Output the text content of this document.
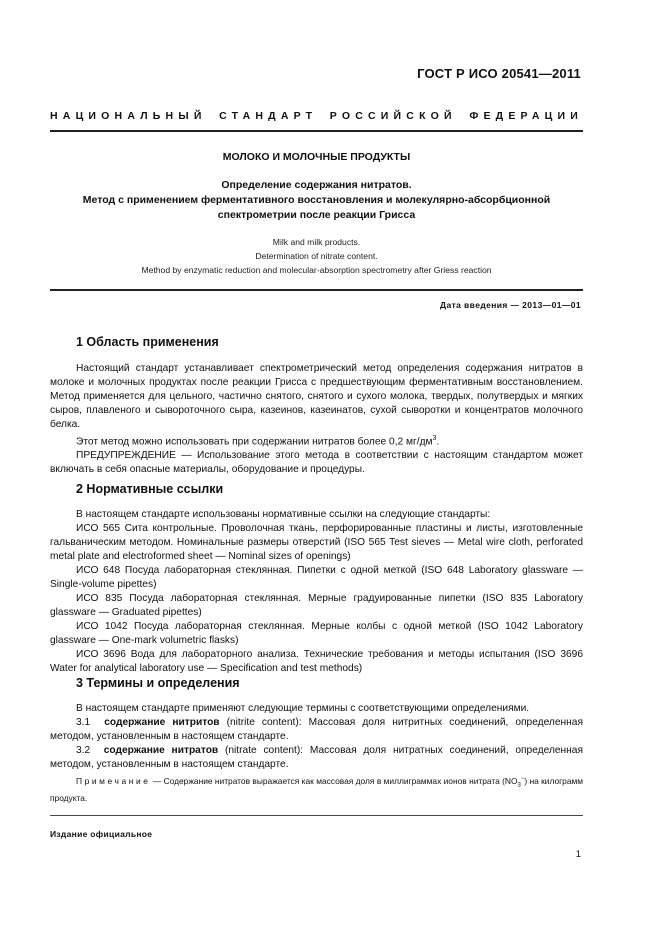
ГОСТ Р ИСО 20541—2011
НАЦИОНАЛЬНЫЙ СТАНДАРТ РОССИЙСКОЙ ФЕДЕРАЦИИ
МОЛОКО И МОЛОЧНЫЕ ПРОДУКТЫ
Определение содержания нитратов.
Метод с применением ферментативного восстановления и молекулярно-абсорбционной
спектрометрии после реакции Грисса
Milk and milk products.
Determination of nitrate content.
Method by enzymatic reduction and molecular-absorption spectrometry after Griess reaction
Дата введения — 2013—01—01
1 Область применения

Настоящий стандарт устанавливает спектрометрический метод определения содержания нитратов в молоке и молочных продуктах после реакции Грисса с предшествующим ферментативным восстановлением. Метод применяется для цельного, частично снятого, снятого и сухого молока, твердых, полутвердых и мягких сыров, плавленого и сывороточного сыра, казеинов, казеинатов, сухой сыворотки и концентратов молочного белка.

Этот метод можно использовать при содержании нитратов более 0,2 $мг/дм^3$.

ПРЕДУПРЕЖДЕНИЕ — Использование этого метода в соответствии с настоящим стандартом может включать в себя опасные материалы, оборудование и процедуры.

2 Нормативные ссылки

В настоящем стандарте использованы нормативные ссылки на следующие стандарты:

ИСО 565 Сита контрольные. Проволочная ткань, перфорированные пластины и листы, изготовленные гальваническим методом. Номинальные размеры отверстий (ISO 565 Test sieves — Metal wire cloth, perforated metal plate and electroformed sheet — Nominal sizes of openings)

ИСО 648 Посуда лабораторная стеклянная. Пипетки с одной меткой (ISO 648 Laboratory glassware — Single-volume pipettes)

ИСО 835 Посуда лабораторная стеклянная. Мерные градуированные пипетки (ISO 835 Laboratory glassware — Graduated pipettes)

ИСО 1042 Посуда лабораторная стеклянная. Мерные колбы с одной меткой (ISO 1042 Laboratory glassware — One-mark volumetric flasks)

ИСО 3696 Вода для лабораторного анализа. Технические требования и методы испытания (ISO 3696 Water for analytical laboratory use — Specification and test methods)

3 Термины и определения

В настоящем стандарте применяют следующие термины с соответствующими определениями.

3.1 содержание нитритов (nitrite content): Массовая доля нитритных соединений, определенная методом, установленным в настоящем стандарте.

3.2 содержание нитратов (nitrate content): Массовая доля нитратных соединений, определенная методом, установленным в настоящем стандарте.

Примечание — Содержание нитратов выражается как массовая доля в миллиграммах ионов нитрата $(NO_3^-)$ на килограмм продукта.

Издание официальное
1
